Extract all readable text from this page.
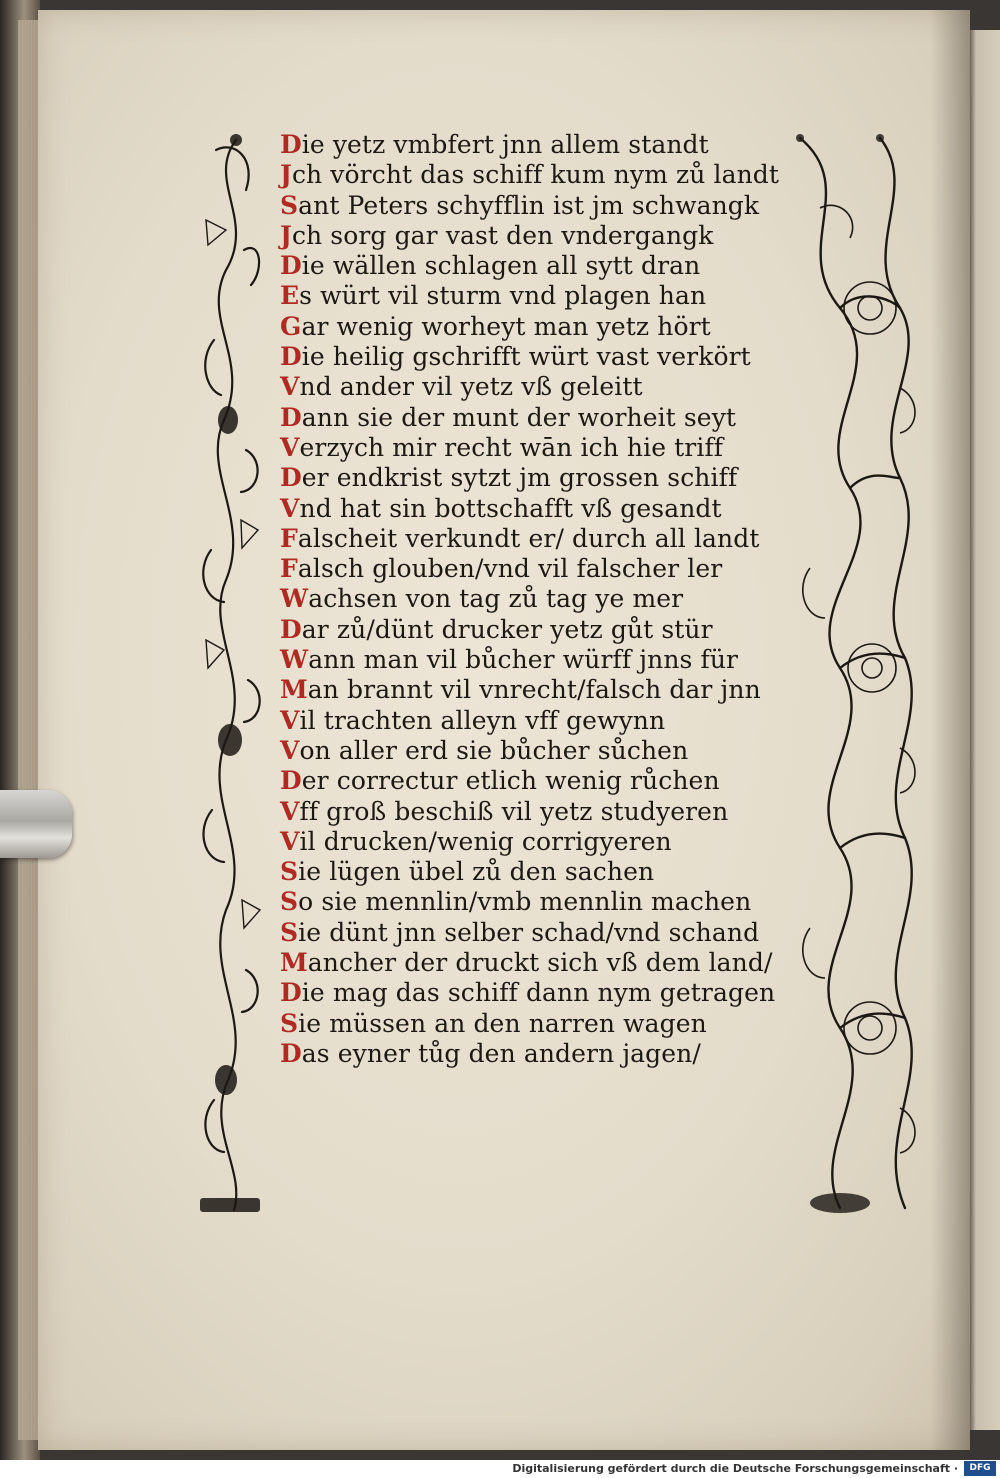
Die yetz vmbfert jnn allem standt
Jch vörcht das schiff kum nym zů landt
Sant Peters schyfflin ist jm schwangk
Jch sorg gar vast den vndergangk
Die wällen schlagen all sytt dran
Es würt vil sturm vnd plagen han
Gar wenig worheyt man yetz hört
Die heilig gschrifft würt vast verkört
Vnd ander vil yetz vß geleitt
Dann sie der munt der worheit seyt
Verzych mir recht wān ich hie triff
Der endkrist sytzt jm grossen schiff
Vnd hat sin bottschafft vß gesandt
Falscheit verkundt er/ durch all landt
Falsch glouben/vnd vil falscher ler
Wachsen von tag zů tag ye mer
Dar zů/dünt drucker yetz gůt stür
Wann man vil bůcher würff jnns für
Man brannt vil vnrecht/falsch dar jnn
Vil trachten alleyn vff gewynn
Von aller erd sie bůcher sůchen
Der correctur etlich wenig růchen
Vff groß beschiß vil yetz studyeren
Vil drucken/wenig corrigyeren
Sie lügen übel zů den sachen
So sie mennlin/vmb mennlin machen
Sie dünt jnn selber schad/vnd schand
Mancher der druckt sich vß dem land/
Die mag das schiff dann nym getragen
Sie müssen an den narren wagen
Das eyner tůg den andern jagen/
Digitalisierung gefördert durch die Deutsche Forschungsgemeinschaft ·	DFG
